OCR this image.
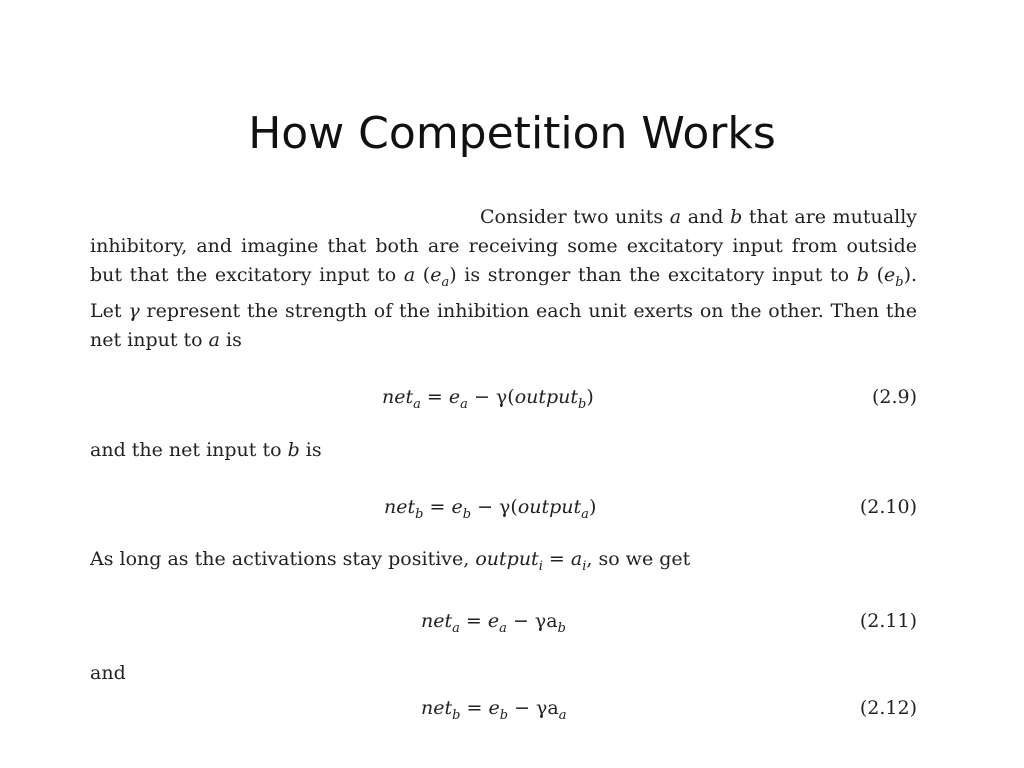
How Competition Works

Consider two units a and b that are mutually inhibitory, and imagine that both are receiving some excitatory input from outside but that the excitatory input to a $(e_a)$ is stronger than the excitatory input to b $(e_b)$. Let γ represent the strength of the inhibition each unit exerts on the other. Then the net input to a is

$net_a = e_a$ − γ(output$_b$)	(2.9)

and the net input to b is

$net_b = e_b$ − γ(output$_a$)	(2.10)

As long as the activations stay positive, output$_i$ = $a_i$, so we get

$net_a = e_a - \gamma a_b$	(2.11)

and

$net_b = e_b - \gamma a_a$	(2.12)
